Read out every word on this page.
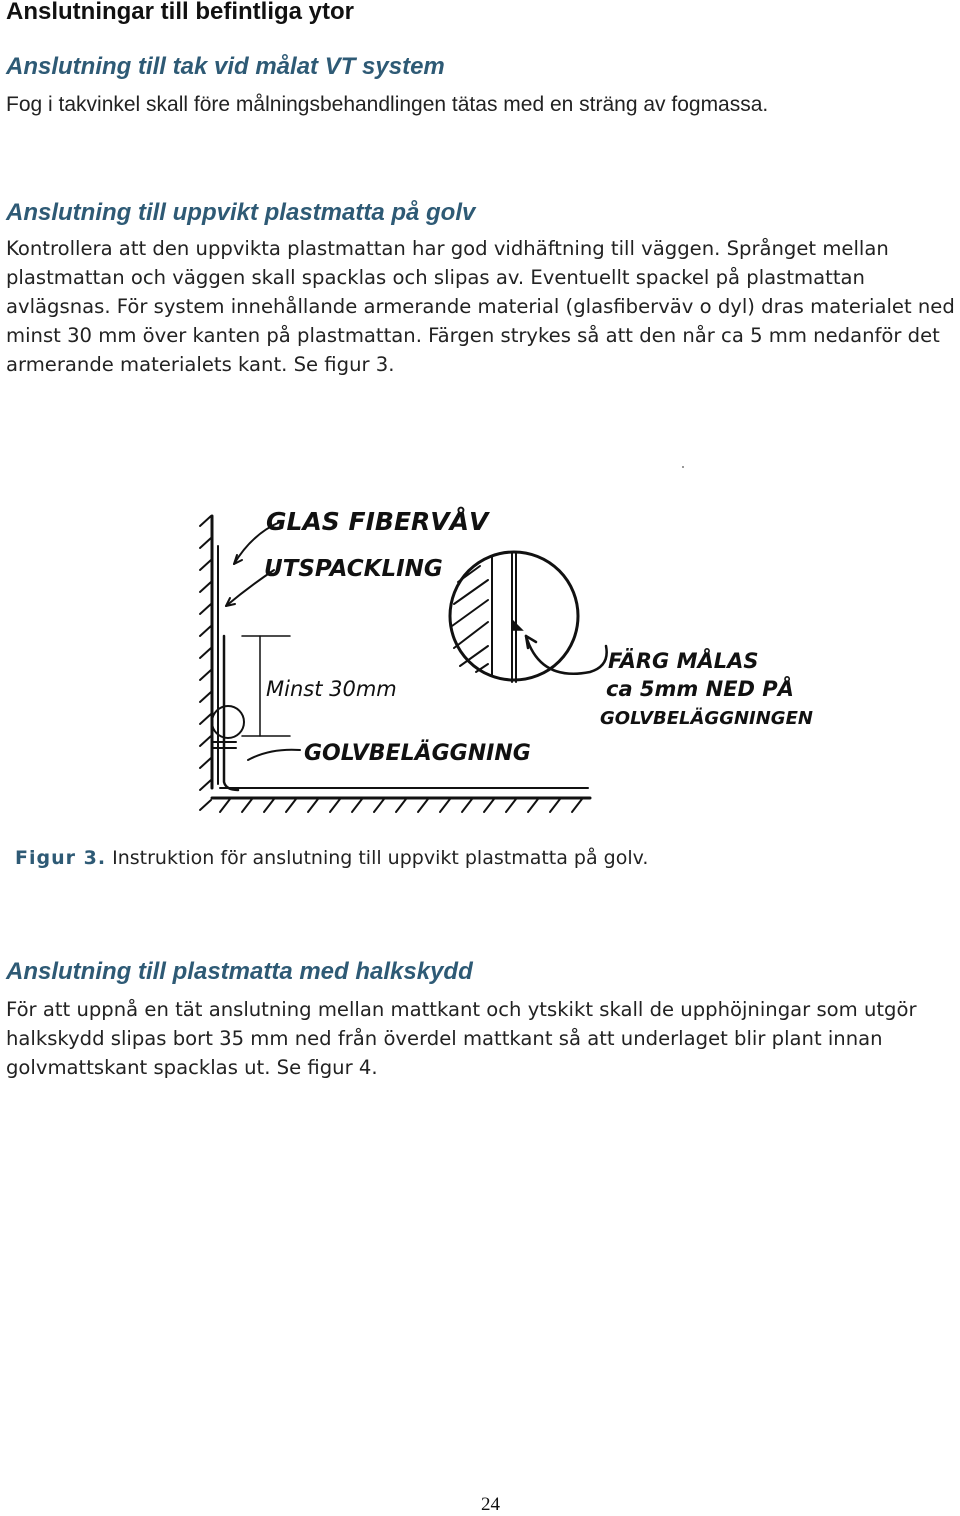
Anslutningar till befintliga ytor
Anslutning till tak vid målat VT system

Fog i takvinkel skall före målningsbehandlingen tätas med en sträng av fogmassa.

Anslutning till uppvikt plastmatta på golv

Kontrollera att den uppvikta plastmattan har god vidhäftning till väggen. Språnget mellan plastmattan och väggen skall spacklas och slipas av. Eventuellt spackel på plastmattan avlägsnas. För system innehållande armerande material (glasfiberväv o dyl) dras materialet ned minst 30 mm över kanten på plastmattan. Färgen strykes så att den når ca 5 mm nedanför det armerande materialets kant. Se figur 3.

GLAS FIBERVÅV
UTSPACKLING
Minst 30mm
GOLVBELÄGGNING
FÄRG MÅLAS
ca 5mm NED PÅ
GOLVBELÄGGNINGEN

Figur 3. Instruktion för anslutning till uppvikt plastmatta på golv.

Anslutning till plastmatta med halkskydd

För att uppnå en tät anslutning mellan mattkant och ytskikt skall de upphöjningar som utgör halkskydd slipas bort 35 mm ned från överdel mattkant så att underlaget blir plant innan golvmattskant spacklas ut. Se figur 4.

24
